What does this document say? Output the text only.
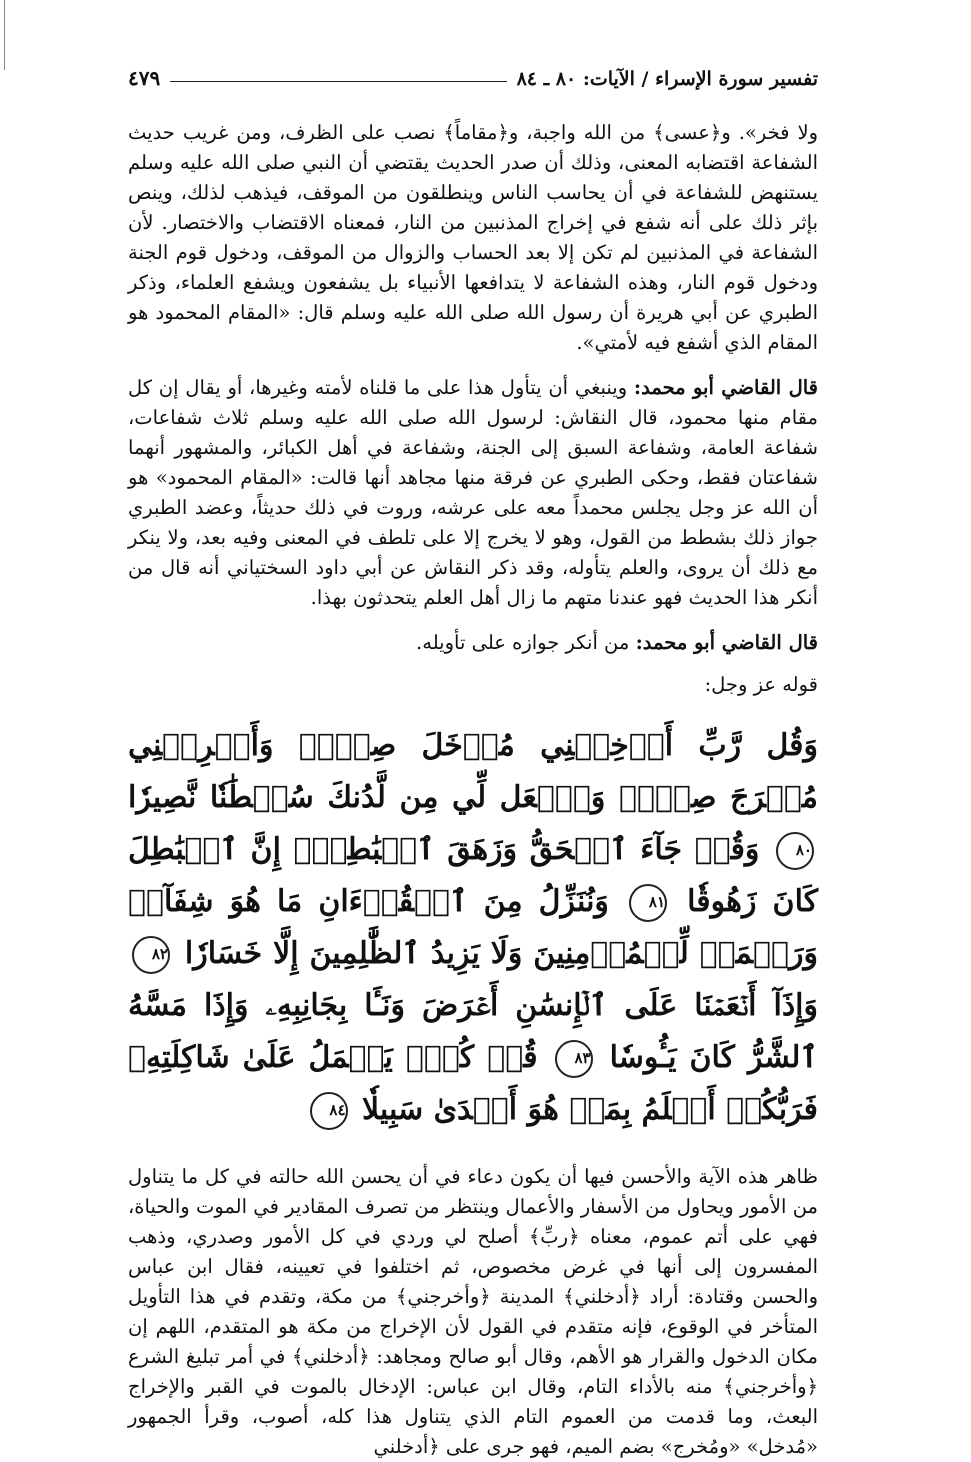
تفسير سورة الإسراء / الآيات: ٨٠ ـ ٨٤
٤٧٩

ولا فخر». و﴿عسى﴾ من الله واجبة، و﴿مقاماً﴾ نصب على الظرف، ومن غريب حديث الشفاعة اقتضابه المعنى، وذلك أن صدر الحديث يقتضي أن النبي صلى الله عليه وسلم يستنهض للشفاعة في أن يحاسب الناس وينطلقون من الموقف، فيذهب لذلك، وينص بإثر ذلك على أنه شفع في إخراج المذنبين من النار، فمعناه الاقتضاب والاختصار. لأن الشفاعة في المذنبين لم تكن إلا بعد الحساب والزوال من الموقف، ودخول قوم الجنة ودخول قوم النار، وهذه الشفاعة لا يتدافعها الأنبياء بل يشفعون ويشفع العلماء، وذكر الطبري عن أبي هريرة أن رسول الله صلى الله عليه وسلم قال: «المقام المحمود هو المقام الذي أشفع فيه لأمتي».

قال القاضي أبو محمد: وينبغي أن يتأول هذا على ما قلناه لأمته وغيرها، أو يقال إن كل مقام منها محمود، قال النقاش: لرسول الله صلى الله عليه وسلم ثلاث شفاعات، شفاعة العامة، وشفاعة السبق إلى الجنة، وشفاعة في أهل الكبائر، والمشهور أنهما شفاعتان فقط، وحكى الطبري عن فرقة منها مجاهد أنها قالت: «المقام المحمود» هو أن الله عز وجل يجلس محمداً معه على عرشه، وروت في ذلك حديثاً، وعضد الطبري جواز ذلك بشطط من القول، وهو لا يخرج إلا على تلطف في المعنى وفيه بعد، ولا ينكر مع ذلك أن يروى، والعلم يتأوله، وقد ذكر النقاش عن أبي داود السختياني أنه قال من أنكر هذا الحديث فهو عندنا متهم ما زال أهل العلم يتحدثون بهذا.

قال القاضي أبو محمد: من أنكر جوازه على تأويله.

قوله عز وجل:

وَقُل رَّبِّ أَدۡخِلۡنِي مُدۡخَلَ صِدۡقٖ وَأَخۡرِجۡنِي مُخۡرَجَ صِدۡقٖ وَٱجۡعَل لِّي مِن لَّدُنكَ سُلۡطَٰنٗا نَّصِيرٗا ٨٠ وَقُلۡ جَآءَ ٱلۡحَقُّ وَزَهَقَ ٱلۡبَٰطِلُۚ إِنَّ ٱلۡبَٰطِلَ كَانَ زَهُوقٗا ٨١ وَنُنَزِّلُ مِنَ ٱلۡقُرۡءَانِ مَا هُوَ شِفَآءٞ وَرَحۡمَةٞ لِّلۡمُؤۡمِنِينَ وَلَا يَزِيدُ ٱلظَّٰلِمِينَ إِلَّا خَسَارٗا ٨٢ وَإِذَآ أَنۡعَمۡنَا عَلَى ٱلۡإِنسَٰنِ أَعۡرَضَ وَنَـَٔا بِجَانِبِهِۦ وَإِذَا مَسَّهُ ٱلشَّرُّ كَانَ يَـُٔوسٗا ٨٣ قُلۡ كُلّٞ يَعۡمَلُ عَلَىٰ شَاكِلَتِهِۦ فَرَبُّكُمۡ أَعۡلَمُ بِمَنۡ هُوَ أَهۡدَىٰ سَبِيلٗا ٨٤

ظاهر هذه الآية والأحسن فيها أن يكون دعاء في أن يحسن الله حالته في كل ما يتناول من الأمور ويحاول من الأسفار والأعمال وينتظر من تصرف المقادير في الموت والحياة، فهي على أتم عموم، معناه ﴿ربِّ﴾ أصلح لي وردي في كل الأمور وصدري، وذهب المفسرون إلى أنها في غرض مخصوص، ثم اختلفوا في تعيينه، فقال ابن عباس والحسن وقتادة: أراد ﴿أدخلني﴾ المدينة ﴿وأخرجني﴾ من مكة، وتقدم في هذا التأويل المتأخر في الوقوع، فإنه متقدم في القول لأن الإخراج من مكة هو المتقدم، اللهم إن مكان الدخول والقرار هو الأهم، وقال أبو صالح ومجاهد: ﴿أدخلني﴾ في أمر تبليغ الشرع ﴿وأخرجني﴾ منه بالأداء التام، وقال ابن عباس: الإدخال بالموت في القبر والإخراج البعث، وما قدمت من العموم التام الذي يتناول هذا كله، أصوب، وقرأ الجمهور «مُدخل» «ومُخرج» بضم الميم، فهو جرى على ﴿أدخلني
